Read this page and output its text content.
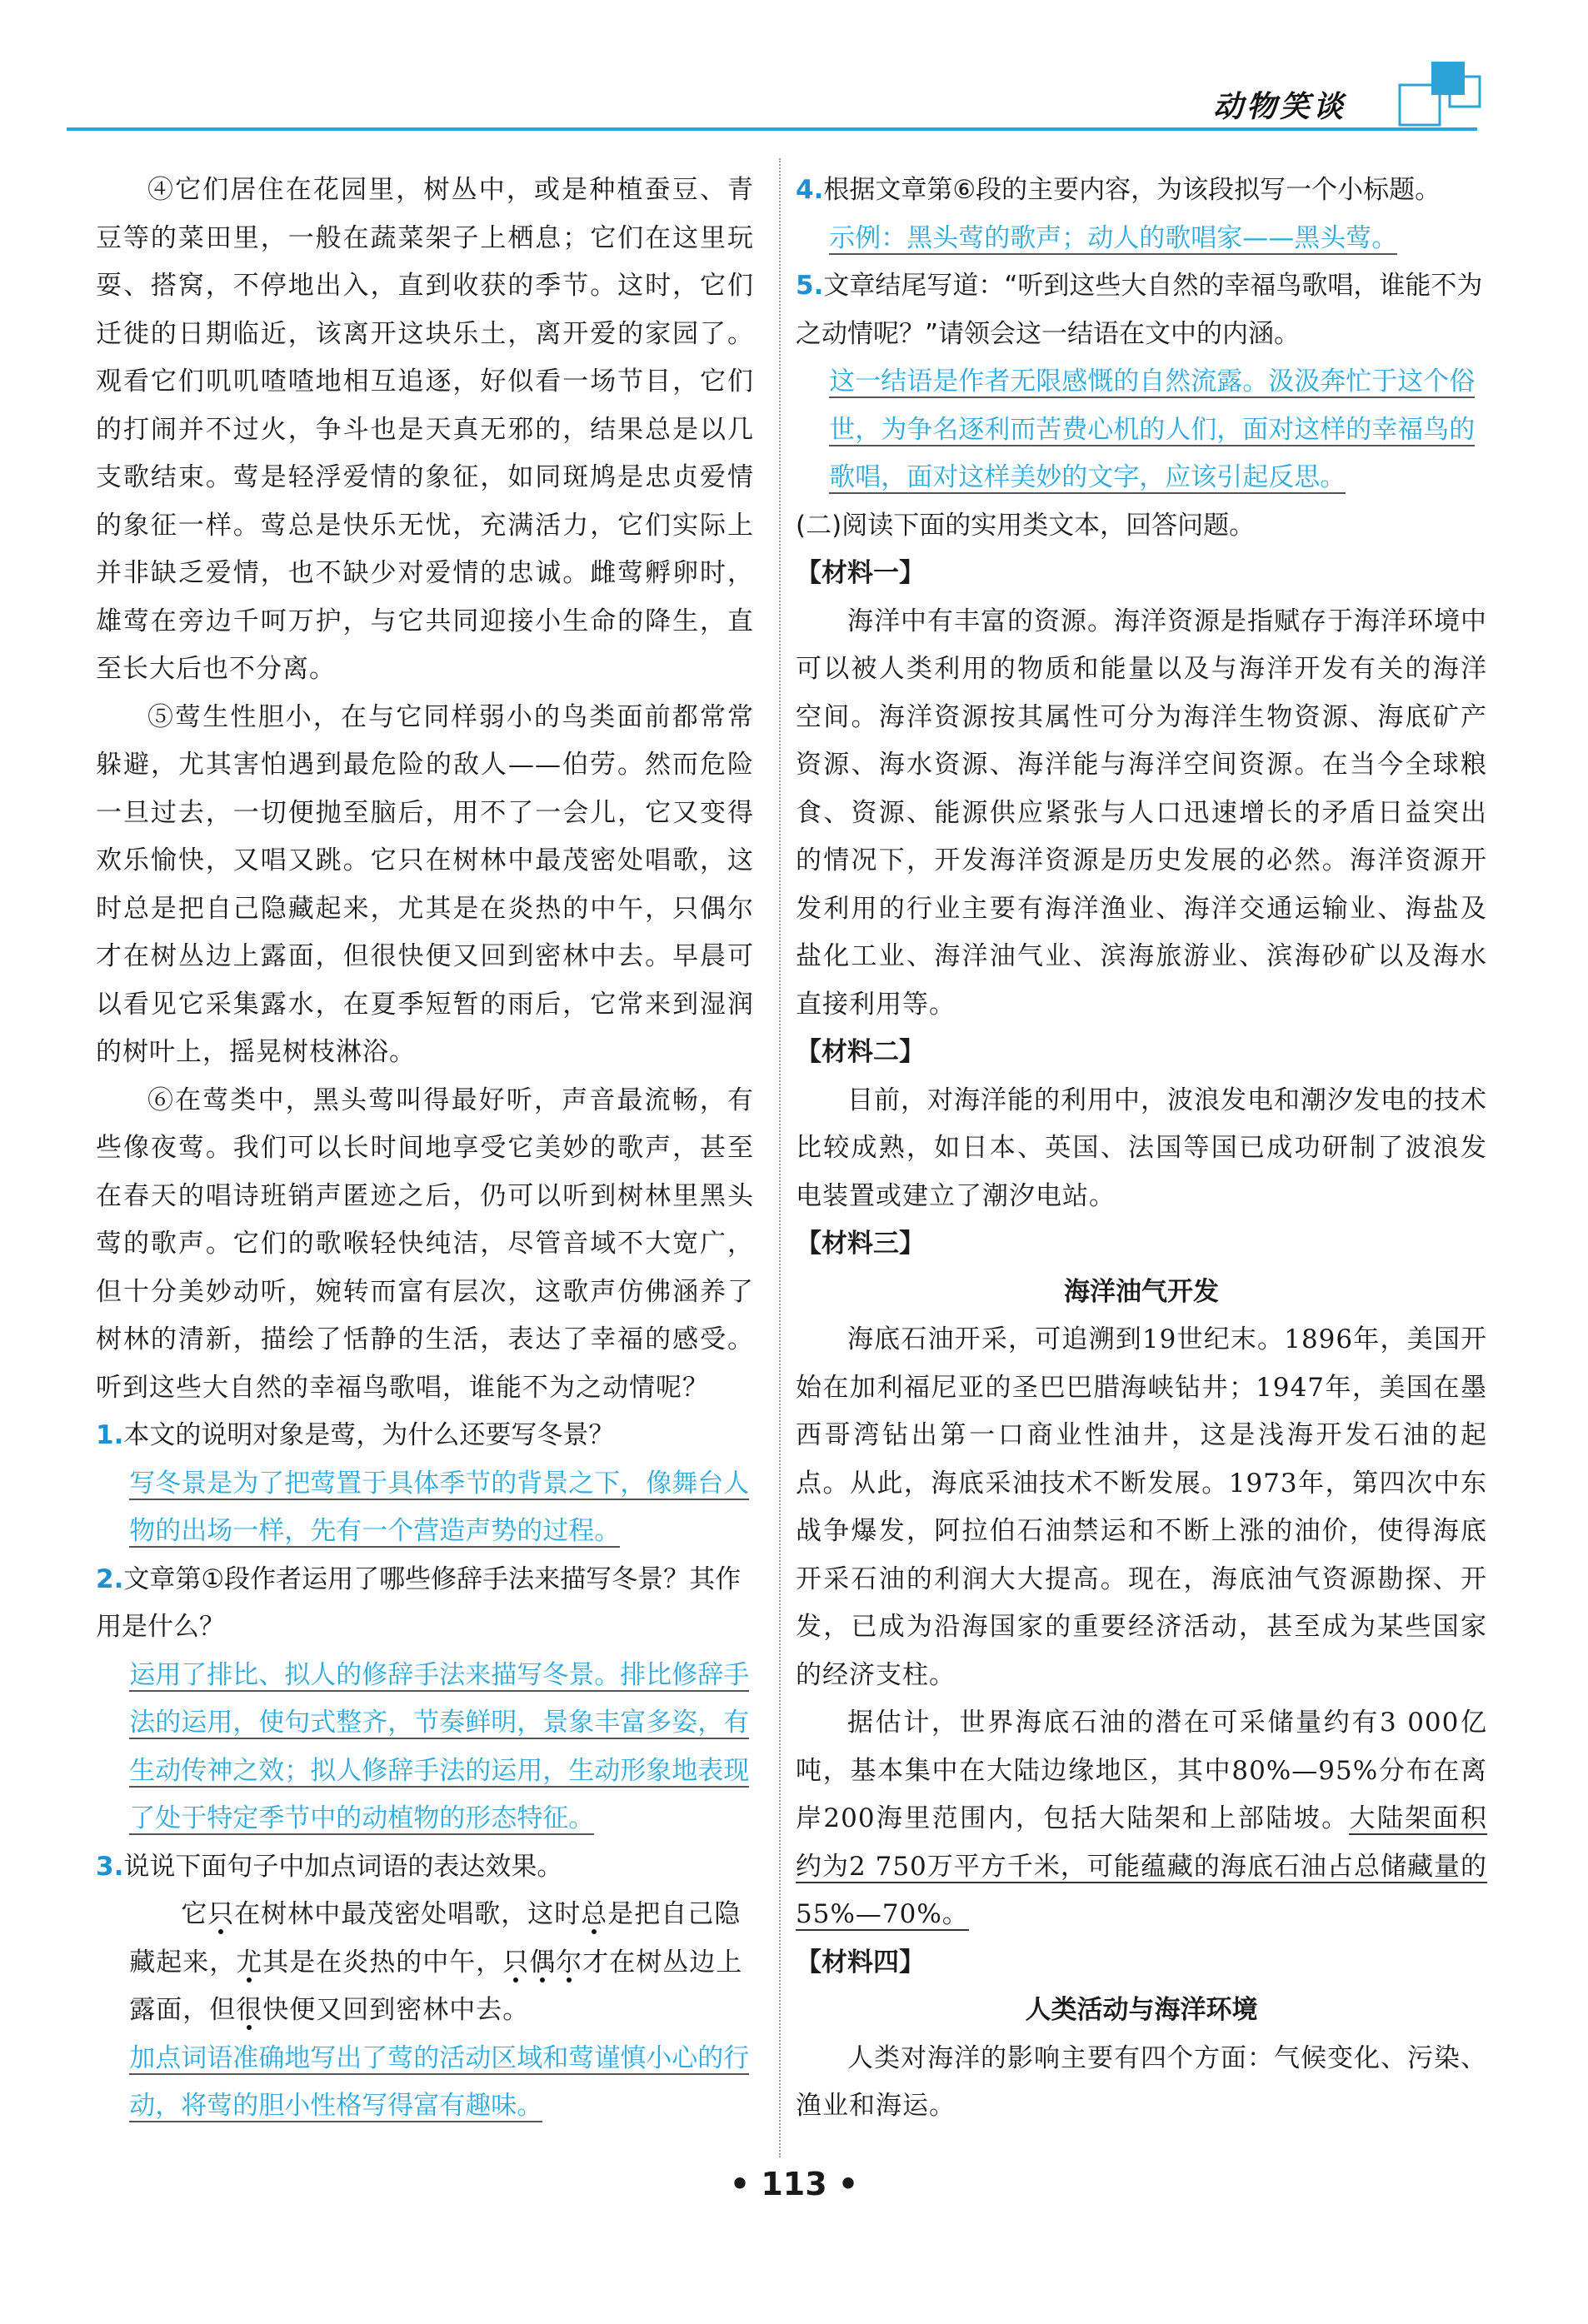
动物笑谈

④它们居住在花园里，树丛中，或是种植蚕豆、青豆等的菜田里，一般在蔬菜架子上栖息；它们在这里玩耍、搭窝，不停地出入，直到收获的季节。这时，它们迁徙的日期临近，该离开这块乐土，离开爱的家园了。观看它们叽叽喳喳地相互追逐，好似看一场节目，它们的打闹并不过火，争斗也是天真无邪的，结果总是以几支歌结束。莺是轻浮爱情的象征，如同斑鸠是忠贞爱情的象征一样。莺总是快乐无忧，充满活力，它们实际上并非缺乏爱情，也不缺少对爱情的忠诚。雌莺孵卵时，雄莺在旁边千呵万护，与它共同迎接小生命的降生，直至长大后也不分离。

⑤莺生性胆小，在与它同样弱小的鸟类面前都常常躲避，尤其害怕遇到最危险的敌人——伯劳。然而危险一旦过去，一切便抛至脑后，用不了一会儿，它又变得欢乐愉快，又唱又跳。它只在树林中最茂密处唱歌，这时总是把自己隐藏起来，尤其是在炎热的中午，只偶尔才在树丛边上露面，但很快便又回到密林中去。早晨可以看见它采集露水，在夏季短暂的雨后，它常来到湿润的树叶上，摇晃树枝淋浴。

⑥在莺类中，黑头莺叫得最好听，声音最流畅，有些像夜莺。我们可以长时间地享受它美妙的歌声，甚至在春天的唱诗班销声匿迹之后，仍可以听到树林里黑头莺的歌声。它们的歌喉轻快纯洁，尽管音域不大宽广，但十分美妙动听，婉转而富有层次，这歌声仿佛涵养了树林的清新，描绘了恬静的生活，表达了幸福的感受。听到这些大自然的幸福鸟歌唱，谁能不为之动情呢？

1.本文的说明对象是莺，为什么还要写冬景？

写冬景是为了把莺置于具体季节的背景之下，像舞台人物的出场一样，先有一个营造声势的过程。

2.文章第①段作者运用了哪些修辞手法来描写冬景？其作用是什么？

运用了排比、拟人的修辞手法来描写冬景。排比修辞手法的运用，使句式整齐，节奏鲜明，景象丰富多姿，有生动传神之效；拟人修辞手法的运用，生动形象地表现了处于特定季节中的动植物的形态特征。

3.说说下面句子中加点词语的表达效果。

它只在树林中最茂密处唱歌，这时总是把自己隐藏起来，尤其是在炎热的中午，只偶尔才在树丛边上露面，但很快便又回到密林中去。

加点词语准确地写出了莺的活动区域和莺谨慎小心的行动，将莺的胆小性格写得富有趣味。

4.根据文章第⑥段的主要内容，为该段拟写一个小标题。

示例：黑头莺的歌声；动人的歌唱家——黑头莺。

5.文章结尾写道：“听到这些大自然的幸福鸟歌唱，谁能不为之动情呢？”请领会这一结语在文中的内涵。

这一结语是作者无限感慨的自然流露。汲汲奔忙于这个俗世，为争名逐利而苦费心机的人们，面对这样的幸福鸟的歌唱，面对这样美妙的文字，应该引起反思。

(二)阅读下面的实用类文本，回答问题。

【材料一】

海洋中有丰富的资源。海洋资源是指赋存于海洋环境中可以被人类利用的物质和能量以及与海洋开发有关的海洋空间。海洋资源按其属性可分为海洋生物资源、海底矿产资源、海水资源、海洋能与海洋空间资源。在当今全球粮食、资源、能源供应紧张与人口迅速增长的矛盾日益突出的情况下，开发海洋资源是历史发展的必然。海洋资源开发利用的行业主要有海洋渔业、海洋交通运输业、海盐及盐化工业、海洋油气业、滨海旅游业、滨海砂矿以及海水直接利用等。

【材料二】

目前，对海洋能的利用中，波浪发电和潮汐发电的技术比较成熟，如日本、英国、法国等国已成功研制了波浪发电装置或建立了潮汐电站。

【材料三】

海洋油气开发

海底石油开采，可追溯到19世纪末。1896年，美国开始在加利福尼亚的圣巴巴腊海峡钻井；1947年，美国在墨西哥湾钻出第一口商业性油井，这是浅海开发石油的起点。从此，海底采油技术不断发展。1973年，第四次中东战争爆发，阿拉伯石油禁运和不断上涨的油价，使得海底开采石油的利润大大提高。现在，海底油气资源勘探、开发，已成为沿海国家的重要经济活动，甚至成为某些国家的经济支柱。

据估计，世界海底石油的潜在可采储量约有3 000亿吨，基本集中在大陆边缘地区，其中80%—95%分布在离岸200海里范围内，包括大陆架和上部陆坡。大陆架面积约为2 750万平方千米，可能蕴藏的海底石油占总储藏量的55%—70%。

【材料四】

人类活动与海洋环境

人类对海洋的影响主要有四个方面：气候变化、污染、渔业和海运。

• 113 •
